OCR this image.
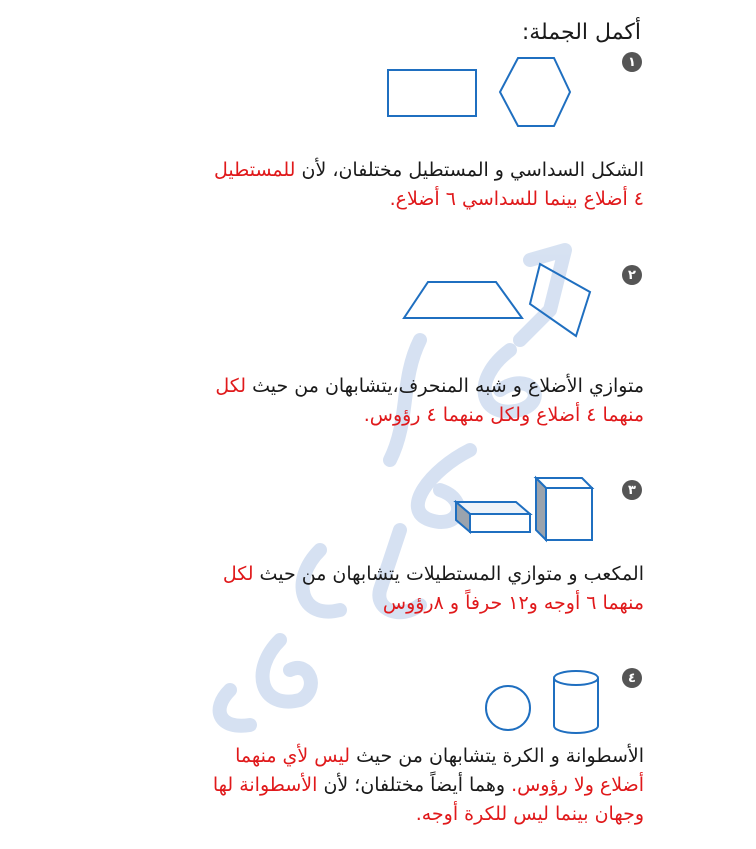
أكمل الجملة:
١
الشكل السداسي و المستطيل مختلفان، لأن للمستطيل
٤ أضلاع بينما للسداسي ٦ أضلاع.
٢
متوازي الأضلاع و شبه المنحرف،يتشابهان من حيث لكل
منهما ٤ أضلاع ولكل منهما ٤ رؤوس.
٣
المكعب و متوازي المستطيلات يتشابهان من حيث لكل
منهما ٦ أوجه و١٢ حرفاً و ٨رؤوس
٤
الأسطوانة و الكرة يتشابهان من حيث ليس لأي منهما
أضلاع ولا رؤوس. وهما أيضاً مختلفان؛ لأن الأسطوانة لها
وجهان بينما ليس للكرة أوجه.
